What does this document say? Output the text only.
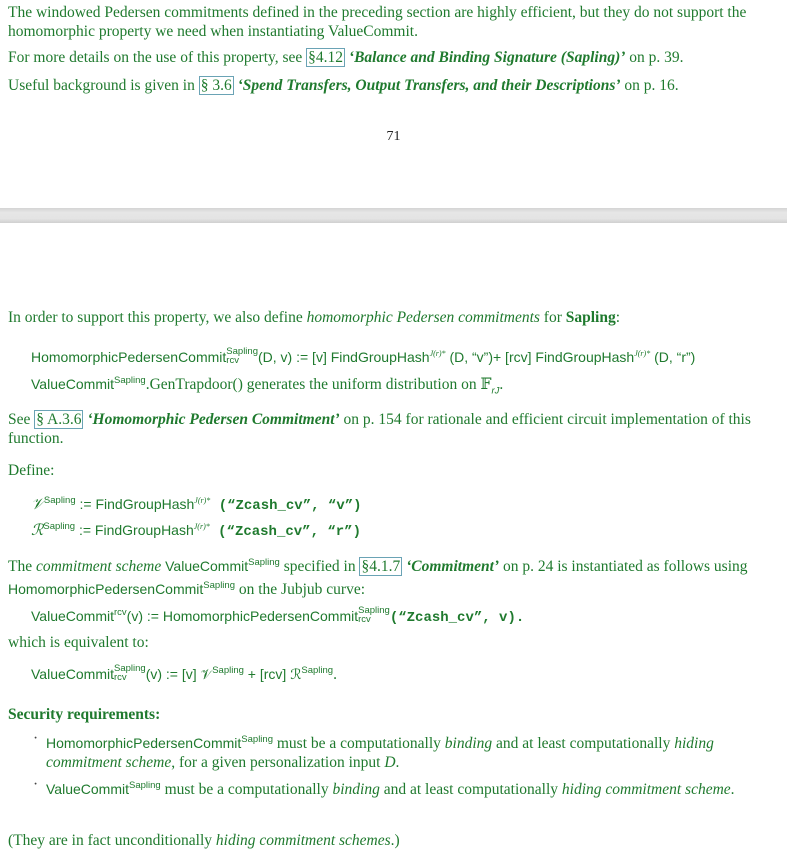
The windowed Pedersen commitments defined in the preceding section are highly efficient, but they do not support the homomorphic property we need when instantiating ValueCommit.

For more details on the use of this property, see §4.12 ‘Balance and Binding Signature (Sapling)’ on p. 39.

Useful background is given in § 3.6 ‘Spend Transfers, Output Transfers, and their Descriptions’ on p. 16.

71

In order to support this property, we also define homomorphic Pedersen commitments for Sapling:

HomomorphicPedersenCommit Sapling
rcv	(D, v) := [v] FindGroupHash$^{J(r)*}$ (D, “v”)+ [rcv] FindGroupHash$^{J(r)*}$ (D, “r”)

ValueCommit$^{Sapling}$.GenTrapdoor() generates the uniform distribution on 𝔽$_{rJ}$.

See § A.3.6 ‘Homomorphic Pedersen Commitment’ on p. 154 for rationale and efficient circuit implementation of this function.

Define:

𝒱$^{Sapling}$ := FindGroupHash$^{J(r)*}$ (“Zcash_cv”, “v”)

ℛ$^{Sapling}$ := FindGroupHash$^{J(r)*}$ (“Zcash_cv”, “r”)

The commitment scheme ValueCommit$^{Sapling}$ specified in §4.1.7 ‘Commitment’ on p. 24 is instantiated as follows using HomomorphicPedersenCommit$^{Sapling}$ on the Jubjub curve:

ValueCommit$^{rcv}$(v) := HomomorphicPedersenCommit Sapling
rcv	(“Zcash_cv”, v).

which is equivalent to:

ValueCommit Sapling
rcv	(v) := [v] 𝒱$^{Sapling}$ + [rcv] ℛ$^{Sapling}$.

Security requirements:

· HomomorphicPedersenCommit$^{Sapling}$ must be a computationally binding and at least computationally hiding commitment scheme, for a given personalization input D.

· ValueCommit$^{Sapling}$ must be a computationally binding and at least computationally hiding commitment scheme.

(They are in fact unconditionally hiding commitment schemes.)
